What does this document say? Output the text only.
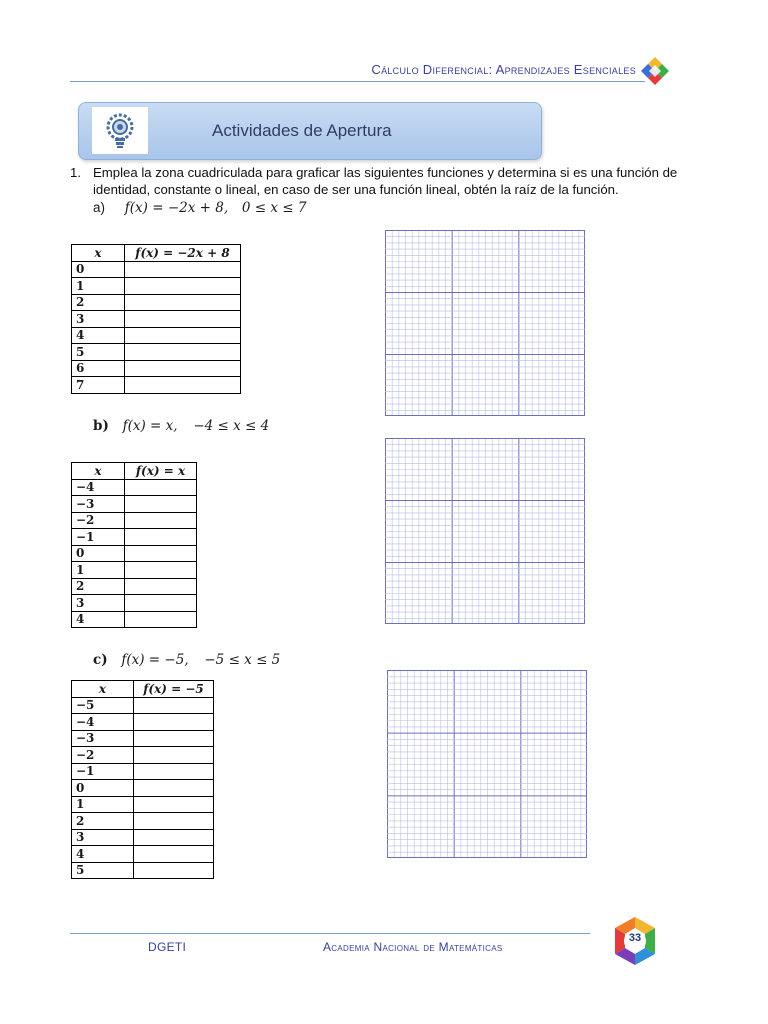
Cálculo Diferencial: Aprendizajes Esenciales
Actividades de Apertura
1. Emplea la zona cuadriculada para graficar las siguientes funciones y determina si es una función de identidad, constante o lineal, en caso de ser una función lineal, obtén la raíz de la función.
a) f(x) = −2x + 8, 0 ≤ x ≤ 7
x	f(x) = −2x + 8
0	
1	
2	
3	
4	
5	
6	
7	
b) f(x) = x, −4 ≤ x ≤ 4
x	f(x) = x
−4	
−3	
−2	
−1	
0	
1	
2	
3	
4	
c) f(x) = −5, −5 ≤ x ≤ 5
x	f(x) = −5
−5	
−4	
−3	
−2	
−1	
0	
1	
2	
3	
4	
5	
DGETI	Academia Nacional de Matemáticas
33
